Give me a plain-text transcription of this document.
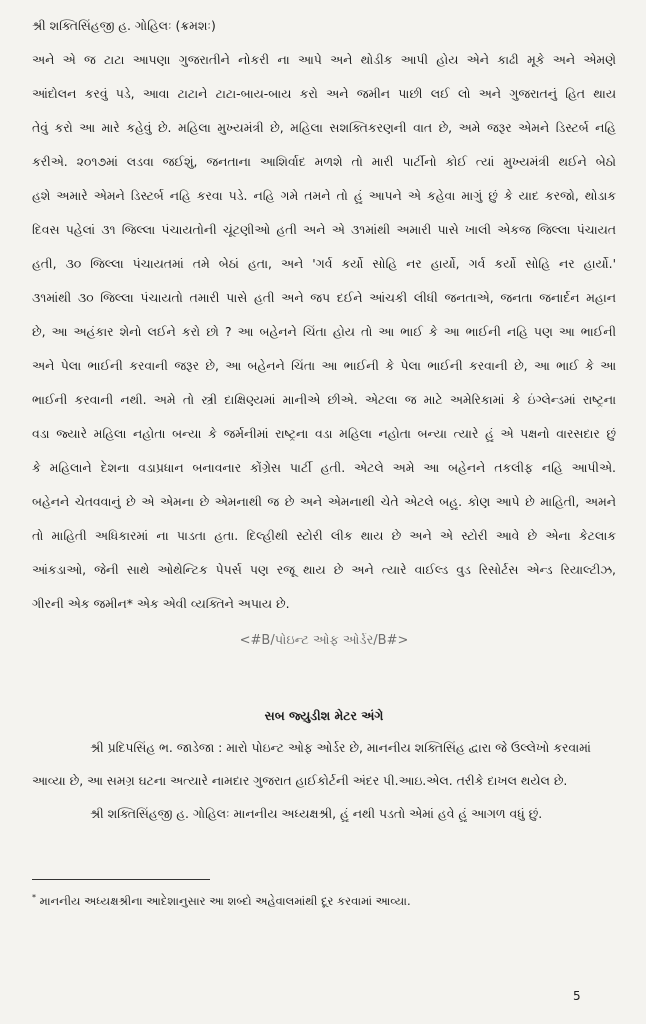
શ્રી શક્તિસિંહજી હ. ગોહિલઃ (ક્રમશઃ)
અને એ જ ટાટા આપણા ગુજરાતીને નોકરી ના આપે અને થોડીક આપી હોય એને કાઢી મૂકે અને એમણે
આંદોલન કરવું પડે, આવા ટાટાને ટાટા-બાય-બાય કરો અને જમીન પાછી લઈ લો અને ગુજરાતનું હિત થાય
તેવું કરો આ મારે કહેવું છે. મહિલા મુખ્યમંત્રી છે, મહિલા સશક્તિકરણની વાત છે, અમે જરૂર એમને ડિસ્ટર્બ નહિ
કરીએ. ૨૦૧૭માં લડવા જઈશું, જનતાના આશિર્વાદ મળશે તો મારી પાર્ટીનો કોઈ ત્યાં મુખ્યમંત્રી થઈને બેઠો
હશે અમારે એમને ડિસ્ટર્બ નહિ કરવા પડે. નહિ ગમે તમને તો હું આપને એ કહેવા માગું છું કે યાદ કરજો, થોડાક
દિવસ પહેલાં ૩૧ જિલ્લા પંચાયતોની ચૂંટણીઓ હતી અને એ ૩૧માંથી અમારી પાસે ખાલી એકજ જિલ્લા પંચાયત
હતી, ૩૦ જિલ્લા પંચાયતમાં તમે બેઠાં હતા, અને 'ગર્વ કર્યો સોહિ નર હાર્યો, ગર્વ કર્યો સોહિ નર હાર્યો.'
૩૧માંથી ૩૦ જિલ્લા પંચાયતો તમારી પાસે હતી અને જપ દઈને આંચકી લીધી જનતાએ, જનતા જનાર્દન મહાન
છે, આ અહંકાર શેનો લઈને કરો છો ? આ બહેનને ચિંતા હોય તો આ ભાઈ કે આ ભાઈની નહિ પણ આ ભાઈની
અને પેલા ભાઈની કરવાની જરૂર છે, આ બહેનને ચિંતા આ ભાઈની કે પેલા ભાઈની કરવાની છે, આ ભાઈ કે આ
ભાઈની કરવાની નથી. અમે તો સ્ત્રી દાક્ષિણ્યમાં માનીએ છીએ. એટલા જ માટે અમેરિકામાં કે ઇંગ્લેન્ડમાં રાષ્ટ્રના
વડા જ્યારે મહિલા નહોતા બન્યા કે જર્મનીમાં રાષ્ટ્રના વડા મહિલા નહોતા બન્યા ત્યારે હું એ પક્ષનો વારસદાર છું
કે મહિલાને દેશના વડાપ્રધાન બનાવનાર કોંગ્રેસ પાર્ટી હતી. એટલે અમે આ બહેનને તકલીફ નહિ આપીએ.
બહેનને ચેતવવાનું છે એ એમના છે એમનાથી જ છે અને એમનાથી ચેતે એટલે બહુ. કોણ આપે છે માહિતી, અમને
તો માહિતી અધિકારમાં ના પાડતા હતા. દિલ્હીથી સ્ટોરી લીક થાય છે અને એ સ્ટોરી આવે છે એના કેટલાક
આંકડાઓ, જેની સાથે ઓથેન્ટિક પેપર્સ પણ રજૂ થાય છે અને ત્યારે વાઈલ્ડ વુડ રિસોર્ટસ એન્ડ રિયાલ્ટીઝ,
ગીરની એક જમીન* એક એવી વ્યક્તિને અપાય છે.
<#B/પોઇન્ટ ઓફ ઓર્ડર/B#>
સબ જ્યુડીશ મેટર અંગે
શ્રી પ્રદિપસિંહ ભ. જાડેજા : મારો પોઇન્ટ ઓફ ઓર્ડર છે, માનનીય શક્તિસિંહ દ્વારા જે ઉલ્લેખો કરવામાં
આવ્યા છે, આ સમગ્ર ઘટના અત્યારે નામદાર ગુજરાત હાઈકોર્ટની અંદર પી.આઇ.એલ. તરીકે દાખલ થયેલ છે.
શ્રી શક્તિસિંહજી હ. ગોહિલઃ માનનીય અધ્યક્ષશ્રી, હું નથી પડતો એમાં હવે હું આગળ વધું છું.
* માનનીય અધ્યક્ષશ્રીના આદેશાનુસાર આ શબ્દો અહેવાલમાંથી દૂર કરવામાં આવ્યા.
5
